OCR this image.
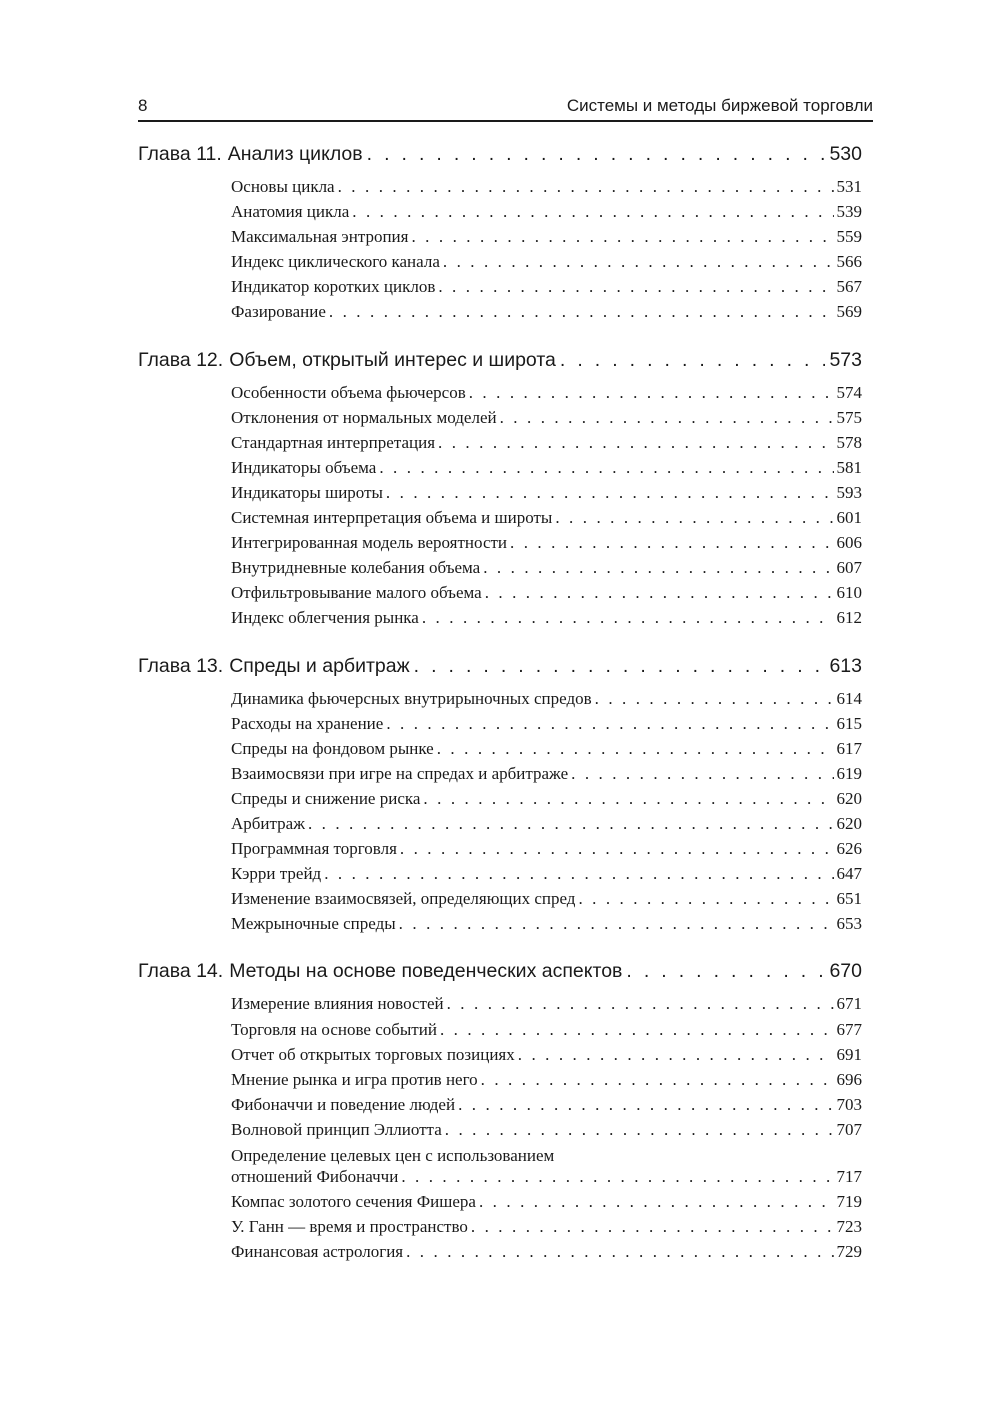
8	Системы и методы биржевой торговли
Глава 11. Анализ циклов . . .	530
Основы цикла . . .	531
Анатомия цикла . . .	539
Максимальная энтропия . . .	559
Индекс циклического канала . . .	566
Индикатор коротких циклов . . .	567
Фазирование . . .	569
Глава 12. Объем, открытый интерес и широта . . .	573
Особенности объема фьючерсов . . .	574
Отклонения от нормальных моделей . . .	575
Стандартная интерпретация . . .	578
Индикаторы объема . . .	581
Индикаторы широты . . .	593
Системная интерпретация объема и широты . . .	601
Интегрированная модель вероятности . . .	606
Внутридневные колебания объема . . .	607
Отфильтровывание малого объема . . .	610
Индекс облегчения рынка . . .	612
Глава 13. Спреды и арбитраж . . .	613
Динамика фьючерсных внутрирыночных спредов . . .	614
Расходы на хранение . . .	615
Спреды на фондовом рынке . . .	617
Взаимосвязи при игре на спредах и арбитраже . . .	619
Спреды и снижение риска . . .	620
Арбитраж . . .	620
Программная торговля . . .	626
Кэрри трейд . . .	647
Изменение взаимосвязей, определяющих спред . . .	651
Межрыночные спреды . . .	653
Глава 14. Методы на основе поведенческих аспектов . . .	670
Измерение влияния новостей . . .	671
Торговля на основе событий . . .	677
Отчет об открытых торговых позициях . . .	691
Мнение рынка и игра против него . . .	696
Фибоначчи и поведение людей . . .	703
Волновой принцип Эллиотта . . .	707
Определение целевых цен с использованием
отношений Фибоначчи . . .	717
Компас золотого сечения Фишера . . .	719
У. Ганн — время и пространство . . .	723
Финансовая астрология . . .	729
